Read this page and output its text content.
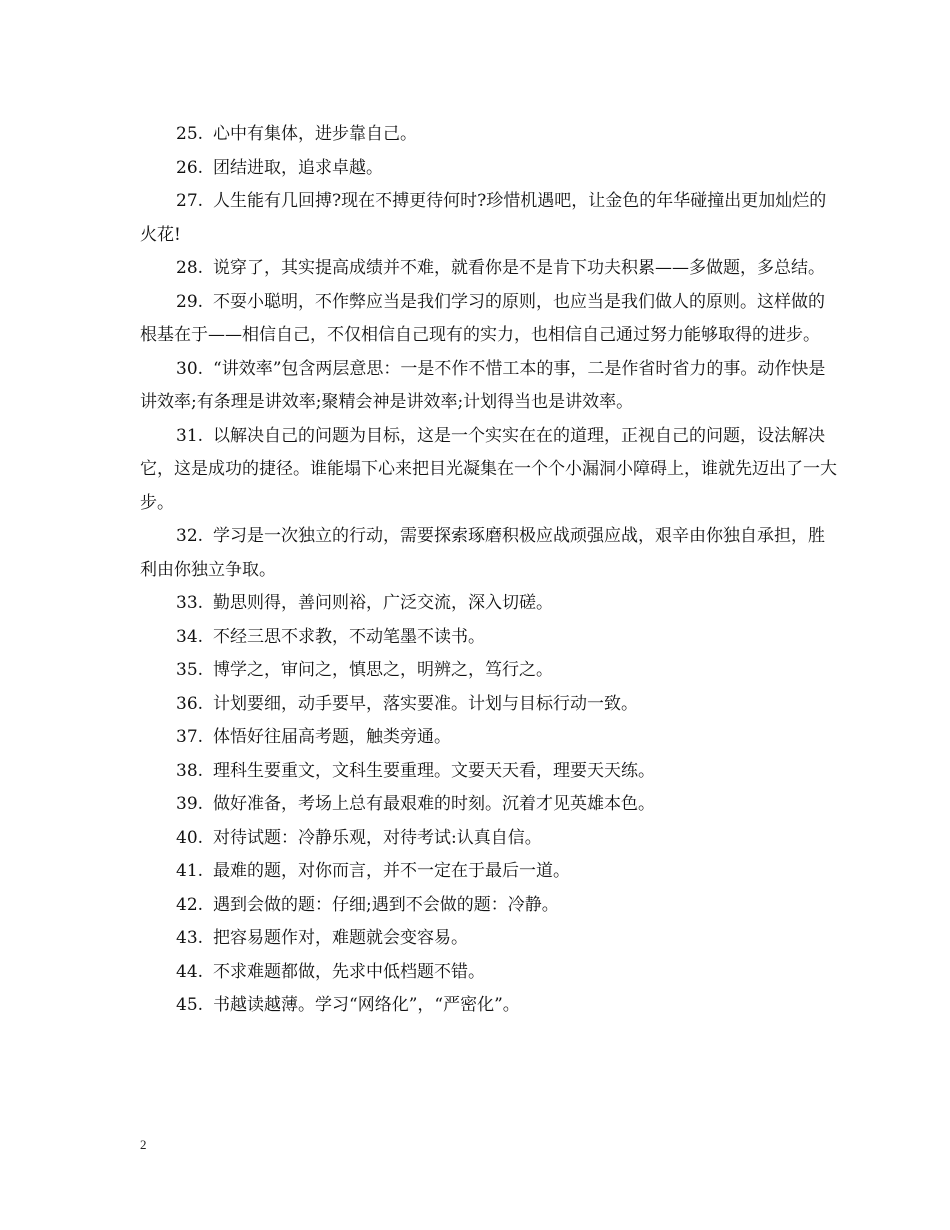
25. 心中有集体，进步靠自己。

26. 团结进取，追求卓越。

27. 人生能有几回搏?现在不搏更待何时?珍惜机遇吧，让金色的年华碰撞出更加灿烂的火花!

28. 说穿了，其实提高成绩并不难，就看你是不是肯下功夫积累——多做题，多总结。

29. 不耍小聪明，不作弊应当是我们学习的原则，也应当是我们做人的原则。这样做的根基在于——相信自己，不仅相信自己现有的实力，也相信自己通过努力能够取得的进步。

30. “讲效率”包含两层意思：一是不作不惜工本的事，二是作省时省力的事。动作快是讲效率;有条理是讲效率;聚精会神是讲效率;计划得当也是讲效率。

31. 以解决自己的问题为目标，这是一个实实在在的道理，正视自己的问题，设法解决它，这是成功的捷径。谁能塌下心来把目光凝集在一个个小漏洞小障碍上，谁就先迈出了一大步。

32. 学习是一次独立的行动，需要探索琢磨积极应战顽强应战，艰辛由你独自承担，胜利由你独立争取。

33. 勤思则得，善问则裕，广泛交流，深入切磋。

34. 不经三思不求教，不动笔墨不读书。

35. 博学之，审问之，慎思之，明辨之，笃行之。

36. 计划要细，动手要早，落实要准。计划与目标行动一致。

37. 体悟好往届高考题，触类旁通。

38. 理科生要重文，文科生要重理。文要天天看，理要天天练。

39. 做好准备，考场上总有最艰难的时刻。沉着才见英雄本色。

40. 对待试题：冷静乐观，对待考试:认真自信。

41. 最难的题，对你而言，并不一定在于最后一道。

42. 遇到会做的题：仔细;遇到不会做的题：冷静。

43. 把容易题作对，难题就会变容易。

44. 不求难题都做，先求中低档题不错。

45. 书越读越薄。学习“网络化”，“严密化”。

2
